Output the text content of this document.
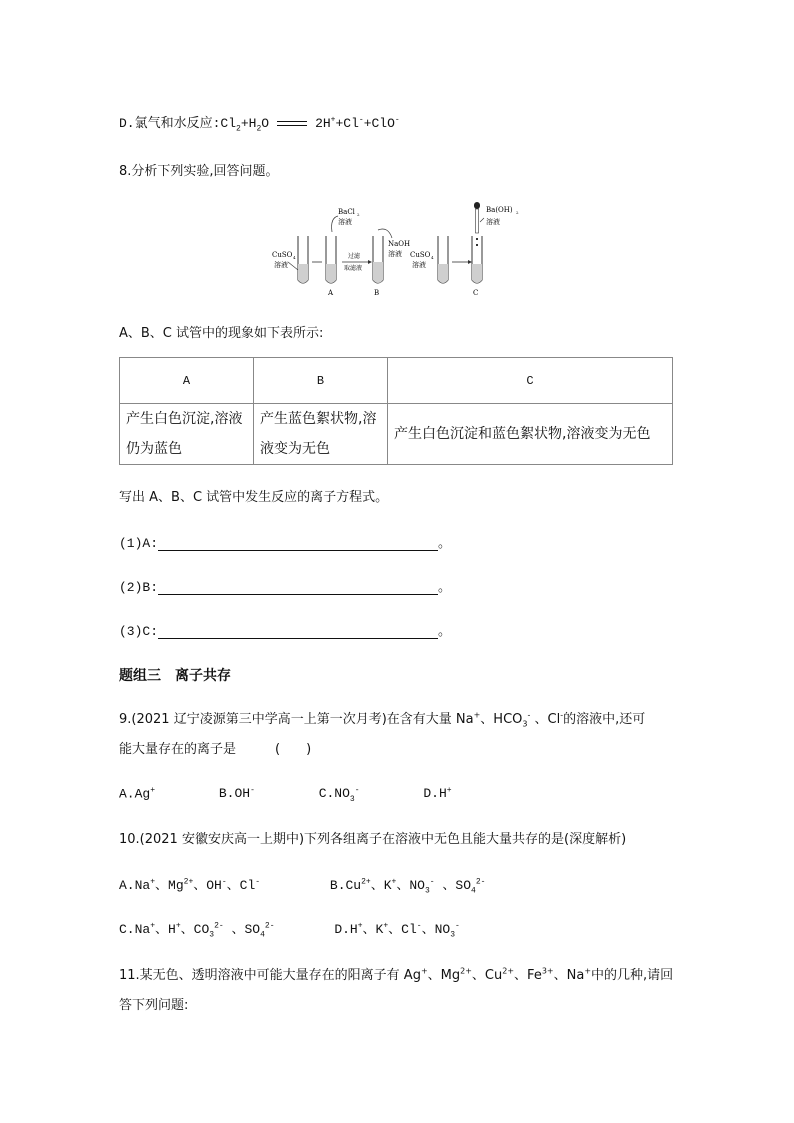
D.氯气和水反应$:Cl_2+H_2O$	2H++Cl-+ClO-
8.分析下列实验,回答问题。
CuSO 4
溶液
A
BaCl 2
溶液
过滤
取滤液
B
NaOH
溶液 CuSO 4
溶液
C
Ba(OH) 2
溶液
A、B、C 试管中的现象如下表所示:
A	B	C
产生白色沉淀,溶液仍为蓝色	产生蓝色絮状物,溶液变为无色	产生白色沉淀和蓝色絮状物,溶液变为无色
写出 A、B、C 试管中发生反应的离子方程式。
(1)A:	。
(2)B:	。
(3)C:	。
题组三　离子共存
9.(2021 辽宁凌源第三中学高一上第一次月考)在含有大量 Na+、$HCO_3^-$ 、Cl-的溶液中,还可
能大量存在的离子是　　　(　　)
A.Ag+	B.OH-	$C.NO_3^-$	D.H+
10.(2021 安徽安庆高一上期中)下列各组离子在溶液中无色且能大量共存的是(深度解析)
A.Na+、$Mg^{2+}$、OH-、Cl-	$B.Cu^{2+}$、K+、$NO_3^-$ 、$SO_4^{2-}$
C.Na+、H+、$CO_3^{2-}$ 、$SO_4^{2-}$	D.H+、K+、Cl-、$NO_3^-$
11.某无色、透明溶液中可能大量存在的阳离子有 Ag+、$Mg^{2+}$、$Cu^{2+}$、$Fe^{3+}$、Na+中的几种,请回
答下列问题:
